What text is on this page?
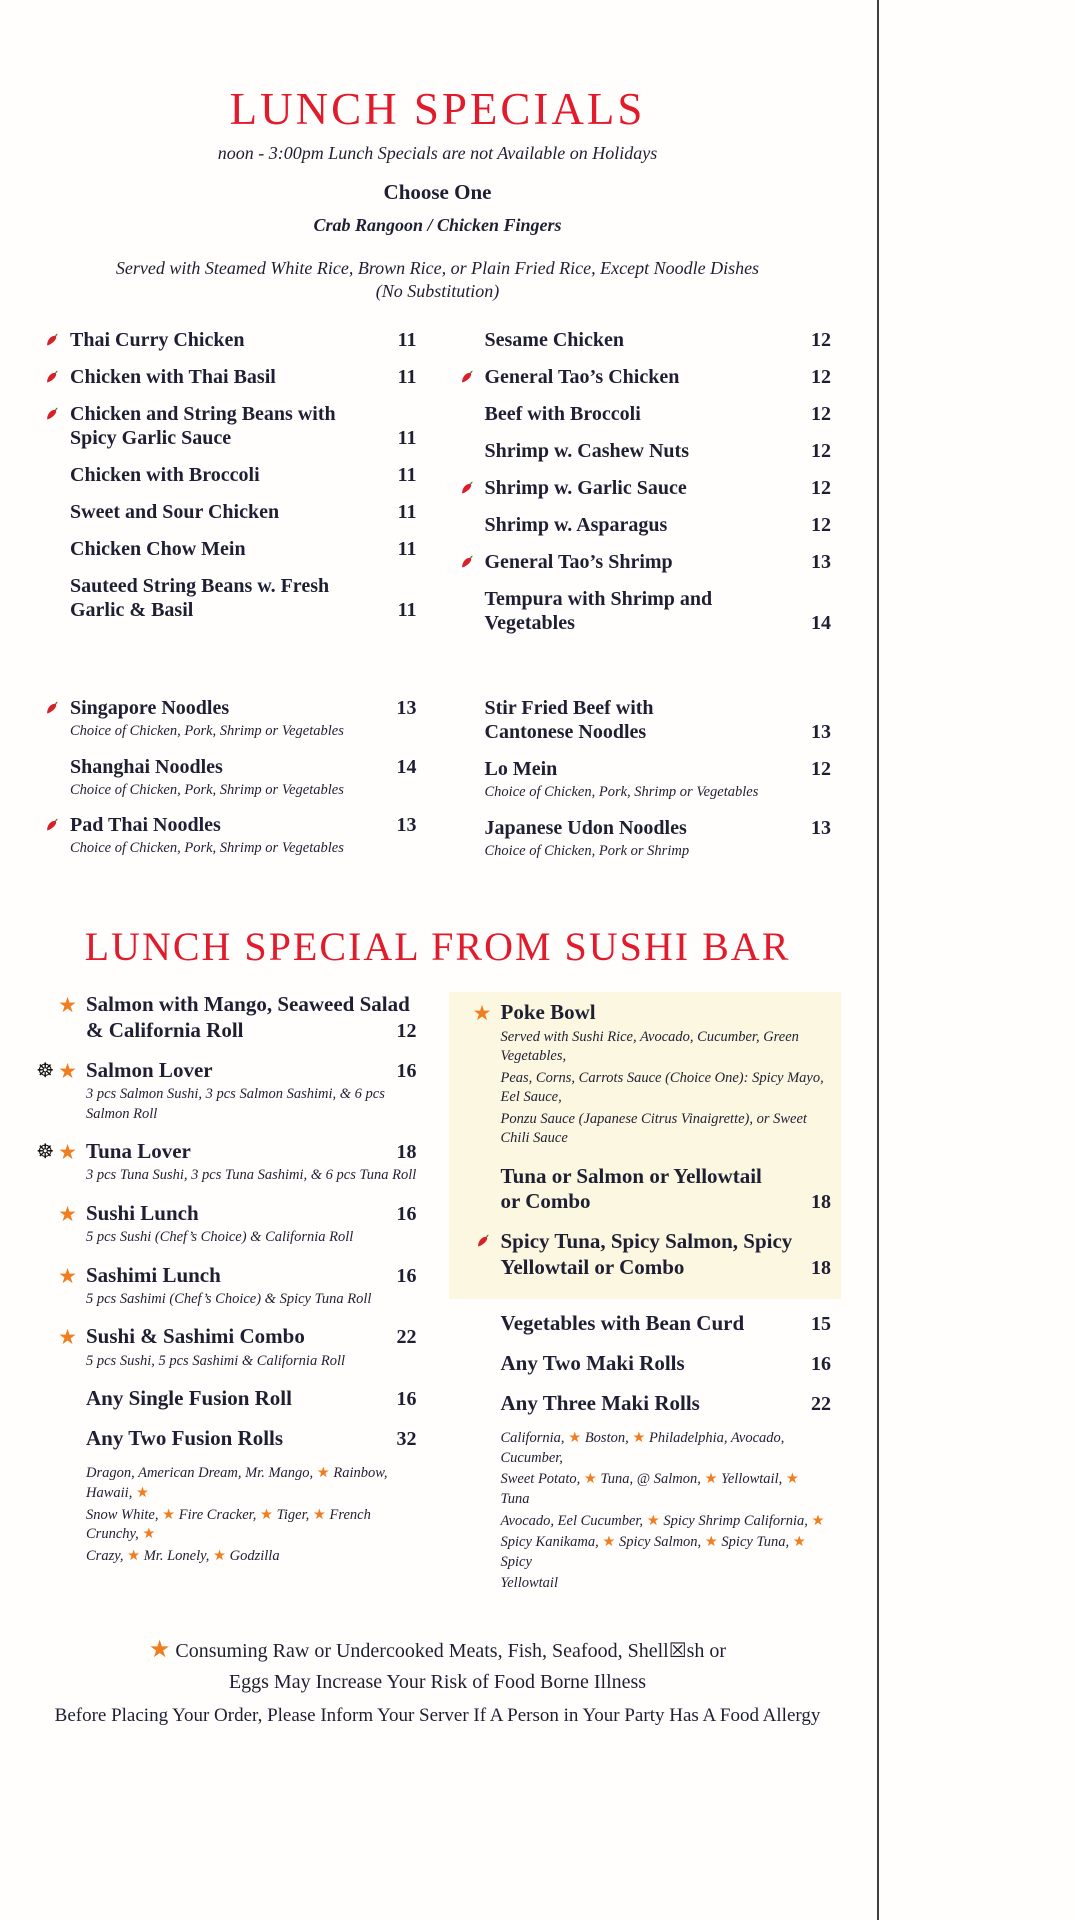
LUNCH SPECIALS
noon - 3:00pm Lunch Specials are not Available on Holidays
Choose One
Crab Rangoon / Chicken Fingers
Served with Steamed White Rice, Brown Rice, or Plain Fried Rice, Except Noodle Dishes
(No Substitution)
Thai Curry Chicken	11
Chicken with Thai Basil	11
Chicken and String Beans with
Spicy Garlic Sauce	11
Chicken with Broccoli	11
Sweet and Sour Chicken	11
Chicken Chow Mein	11
Sauteed String Beans w. Fresh
Garlic & Basil	11
Sesame Chicken	12
General Tao’s Chicken	12
Beef with Broccoli	12
Shrimp w. Cashew Nuts	12
Shrimp w. Garlic Sauce	12
Shrimp w. Asparagus	12
General Tao’s Shrimp	13
Tempura with Shrimp and
Vegetables	14
Singapore Noodles	13
Choice of Chicken, Pork, Shrimp or Vegetables
Shanghai Noodles	14
Choice of Chicken, Pork, Shrimp or Vegetables
Pad Thai Noodles	13
Choice of Chicken, Pork, Shrimp or Vegetables
Stir Fried Beef with
Cantonese Noodles	13
Lo Mein	12
Choice of Chicken, Pork, Shrimp or Vegetables
Japanese Udon Noodles	13
Choice of Chicken, Pork or Shrimp
LUNCH SPECIAL FROM SUSHI BAR
★ Salmon with Mango, Seaweed Salad
& California Roll	12
☸ ★ Salmon Lover	16
3 pcs Salmon Sushi, 3 pcs Salmon Sashimi, & 6 pcs Salmon Roll
☸ ★ Tuna Lover	18
3 pcs Tuna Sushi, 3 pcs Tuna Sashimi, & 6 pcs Tuna Roll
★ Sushi Lunch	16
5 pcs Sushi (Chef’s Choice) & California Roll
★ Sashimi Lunch	16
5 pcs Sashimi (Chef’s Choice) & Spicy Tuna Roll
★ Sushi & Sashimi Combo	22
5 pcs Sushi, 5 pcs Sashimi & California Roll
Any Single Fusion Roll	16
Any Two Fusion Rolls	32
Dragon, American Dream, Mr. Mango, ★ Rainbow, Hawaii, ★
Snow White, ★ Fire Cracker, ★ Tiger, ★ French Crunchy, ★
Crazy, ★ Mr. Lonely, ★ Godzilla
★ Poke Bowl
Served with Sushi Rice, Avocado, Cucumber, Green Vegetables,
Peas, Corns, Carrots Sauce (Choice One): Spicy Mayo, Eel Sauce,
Ponzu Sauce (Japanese Citrus Vinaigrette), or Sweet Chili Sauce
Tuna or Salmon or Yellowtail
or Combo	18
Spicy Tuna, Spicy Salmon, Spicy
Yellowtail or Combo	18
Vegetables with Bean Curd	15
Any Two Maki Rolls	16
Any Three Maki Rolls	22
California, ★ Boston, ★ Philadelphia, Avocado, Cucumber,
Sweet Potato, ★ Tuna, @ Salmon, ★ Yellowtail, ★ Tuna
Avocado, Eel Cucumber, ★ Spicy Shrimp California, ★
Spicy Kanikama, ★ Spicy Salmon, ★ Spicy Tuna, ★ Spicy
Yellowtail
★ Consuming Raw or Undercooked Meats, Fish, Seafood, Shell☒sh or
Eggs May Increase Your Risk of Food Borne Illness
Before Placing Your Order, Please Inform Your Server If A Person in Your Party Has A Food Allergy
